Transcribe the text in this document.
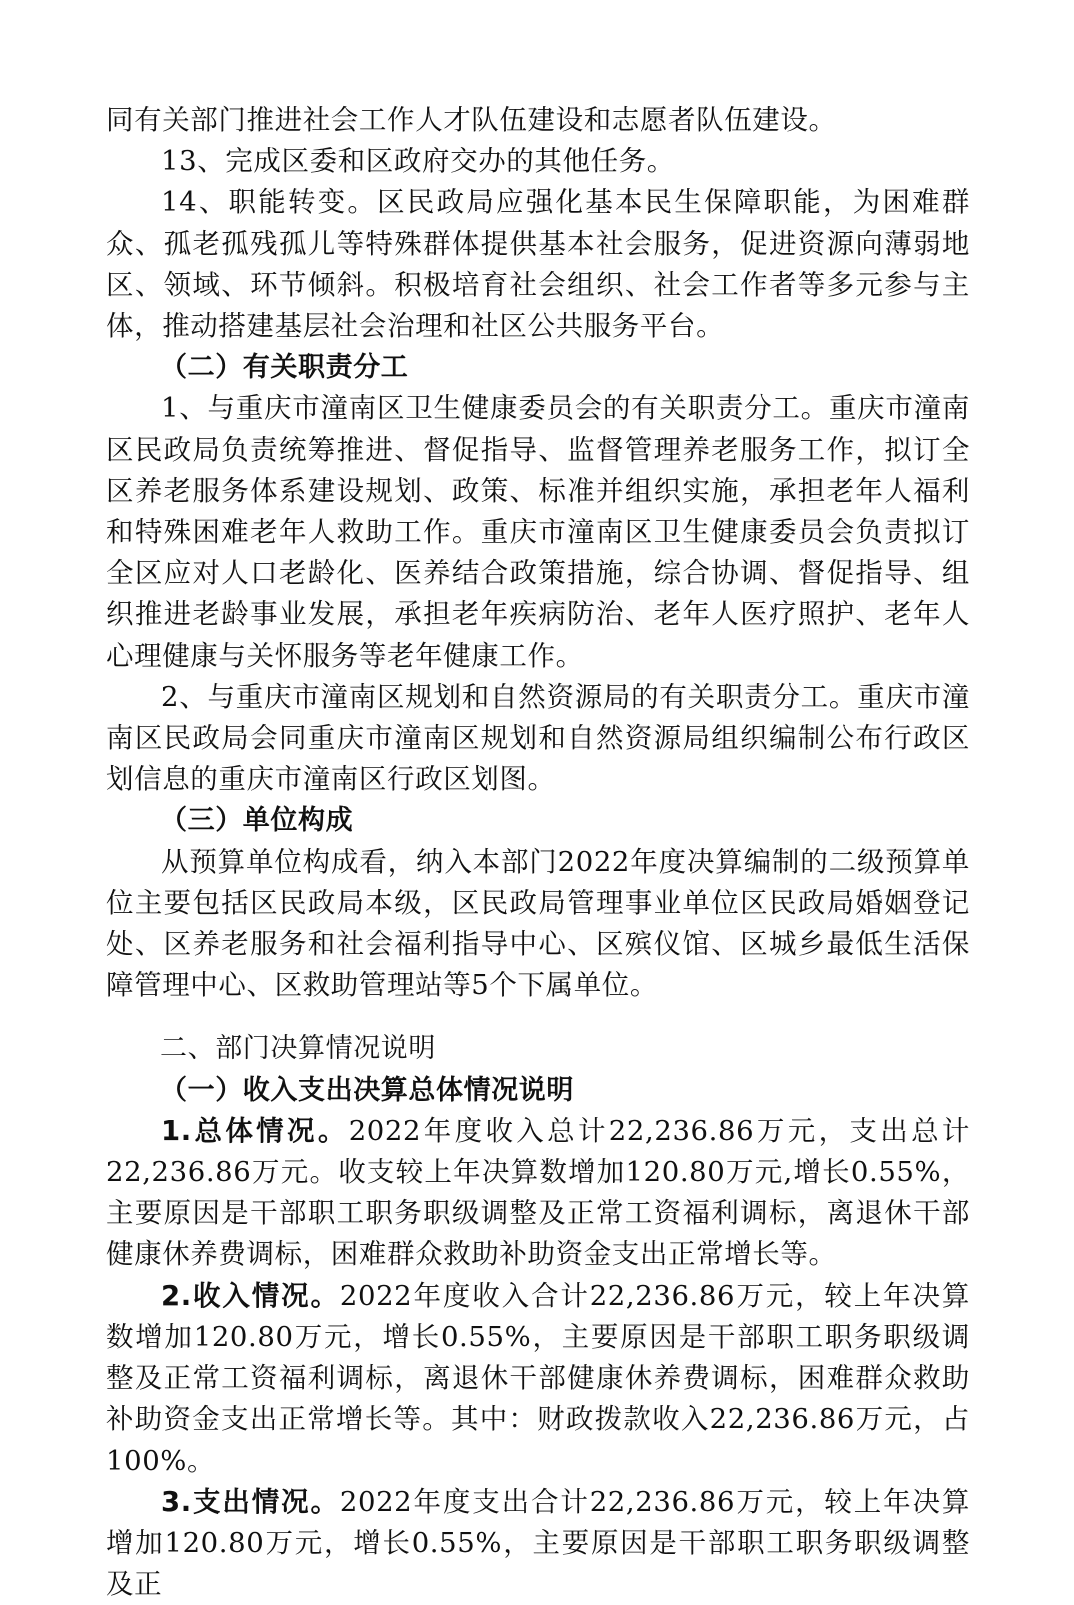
同有关部门推进社会工作人才队伍建设和志愿者队伍建设。

13、完成区委和区政府交办的其他任务。

14、职能转变。区民政局应强化基本民生保障职能，为困难群众、孤老孤残孤儿等特殊群体提供基本社会服务，促进资源向薄弱地区、领域、环节倾斜。积极培育社会组织、社会工作者等多元参与主体，推动搭建基层社会治理和社区公共服务平台。

（二）有关职责分工

1、与重庆市潼南区卫生健康委员会的有关职责分工。重庆市潼南区民政局负责统筹推进、督促指导、监督管理养老服务工作，拟订全区养老服务体系建设规划、政策、标准并组织实施，承担老年人福利和特殊困难老年人救助工作。重庆市潼南区卫生健康委员会负责拟订全区应对人口老龄化、医养结合政策措施，综合协调、督促指导、组织推进老龄事业发展，承担老年疾病防治、老年人医疗照护、老年人心理健康与关怀服务等老年健康工作。

2、与重庆市潼南区规划和自然资源局的有关职责分工。重庆市潼南区民政局会同重庆市潼南区规划和自然资源局组织编制公布行政区划信息的重庆市潼南区行政区划图。

（三）单位构成

从预算单位构成看，纳入本部门2022年度决算编制的二级预算单位主要包括区民政局本级，区民政局管理事业单位区民政局婚姻登记处、区养老服务和社会福利指导中心、区殡仪馆、区城乡最低生活保障管理中心、区救助管理站等5个下属单位。

二、部门决算情况说明

（一）收入支出决算总体情况说明

1.总体情况。2022年度收入总计22,236.86万元，支出总计22,236.86万元。收支较上年决算数增加120.80万元,增长0.55%，主要原因是干部职工职务职级调整及正常工资福利调标，离退休干部健康休养费调标，困难群众救助补助资金支出正常增长等。

2.收入情况。2022年度收入合计22,236.86万元，较上年决算数增加120.80万元，增长0.55%，主要原因是干部职工职务职级调整及正常工资福利调标，离退休干部健康休养费调标，困难群众救助补助资金支出正常增长等。其中：财政拨款收入22,236.86万元，占100%。

3.支出情况。2022年度支出合计22,236.86万元，较上年决算增加120.80万元，增长0.55%，主要原因是干部职工职务职级调整及正
